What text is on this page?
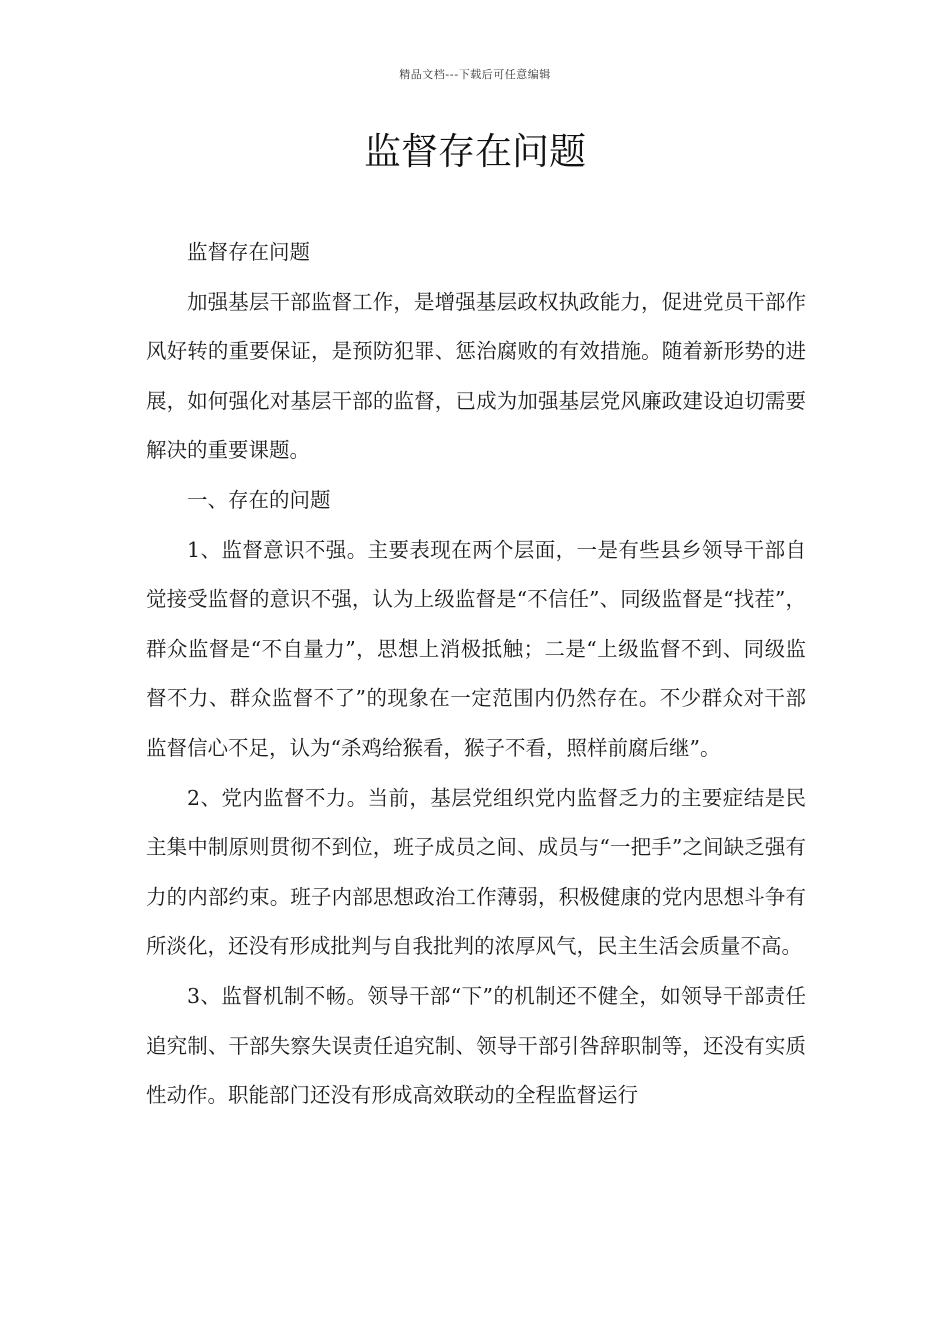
精品文档---下载后可任意编辑
监督存在问题

监督存在问题

加强基层干部监督工作，是增强基层政权执政能力，促进党员干部作风好转的重要保证，是预防犯罪、惩治腐败的有效措施。随着新形势的进展，如何强化对基层干部的监督，已成为加强基层党风廉政建设迫切需要解决的重要课题。

一、存在的问题

1、监督意识不强。主要表现在两个层面，一是有些县乡领导干部自觉接受监督的意识不强，认为上级监督是“不信任”、同级监督是“找茬”，群众监督是“不自量力”，思想上消极抵触；二是“上级监督不到、同级监督不力、群众监督不了”的现象在一定范围内仍然存在。不少群众对干部监督信心不足，认为“杀鸡给猴看，猴子不看，照样前腐后继”。

2、党内监督不力。当前，基层党组织党内监督乏力的主要症结是民主集中制原则贯彻不到位，班子成员之间、成员与“一把手”之间缺乏强有力的内部约束。班子内部思想政治工作薄弱，积极健康的党内思想斗争有所淡化，还没有形成批判与自我批判的浓厚风气，民主生活会质量不高。

3、监督机制不畅。领导干部“下”的机制还不健全，如领导干部责任追究制、干部失察失误责任追究制、领导干部引咎辞职制等，还没有实质性动作。职能部门还没有形成高效联动的全程监督运行
